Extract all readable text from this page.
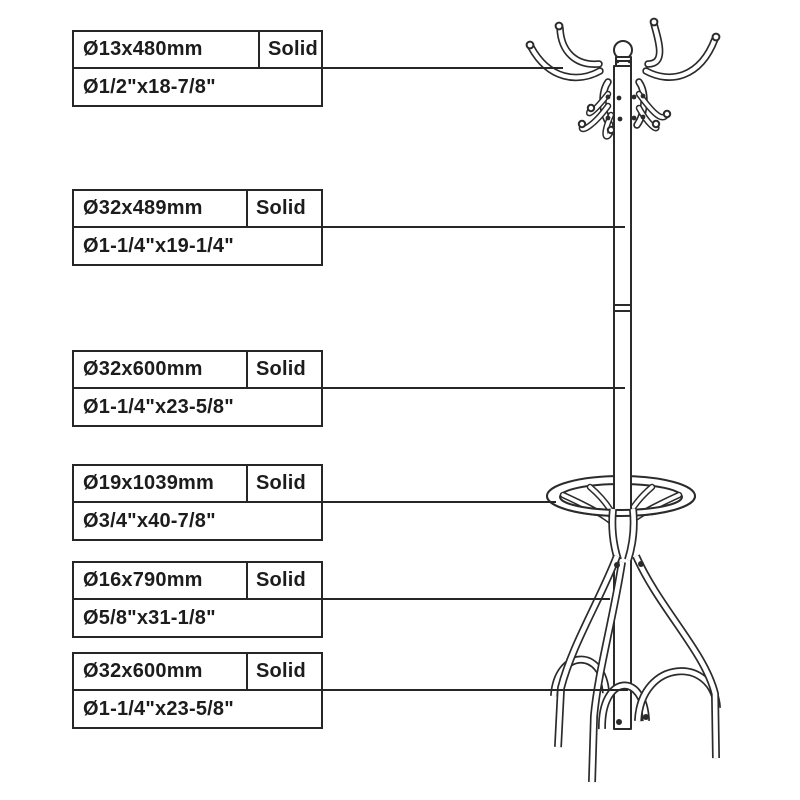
Ø13x480mm	Solid
Ø1/2"x18-7/8"
Ø32x489mm	Solid
Ø1-1/4"x19-1/4"
Ø32x600mm	Solid
Ø1-1/4"x23-5/8"
Ø19x1039mm	Solid
Ø3/4"x40-7/8"
Ø16x790mm	Solid
Ø5/8"x31-1/8"
Ø32x600mm	Solid
Ø1-1/4"x23-5/8"
